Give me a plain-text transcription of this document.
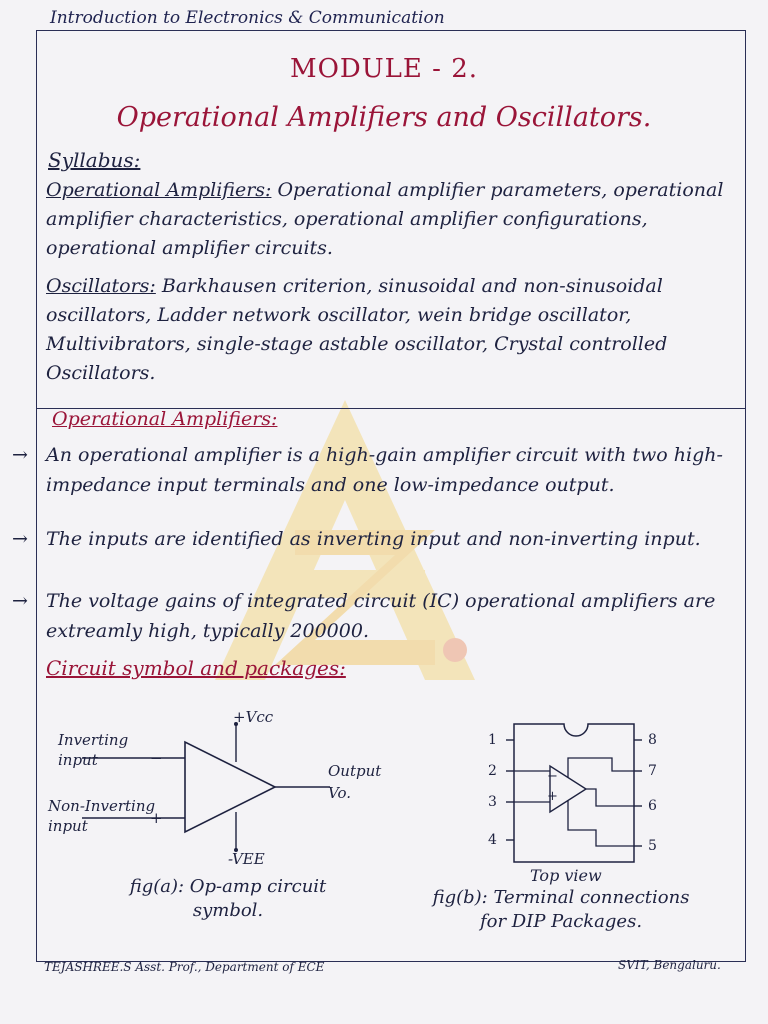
Introduction to Electronics & Communication
MODULE - 2.
Operational Amplifiers and Oscillators.
Syllabus:
Operational Amplifiers: Operational amplifier parameters, operational amplifier characteristics, operational amplifier configurations, operational amplifier circuits.
Oscillators: Barkhausen criterion, sinusoidal and non-sinusoidal oscillators, Ladder network oscillator, wein bridge oscillator, Multivibrators, single-stage astable oscillator, Crystal controlled Oscillators.
Operational Amplifiers:
→ An operational amplifier is a high-gain amplifier circuit with two high-impedance input terminals and one low-impedance output.
→ The inputs are identified as inverting input and non-inverting input.
→ The voltage gains of integrated circuit (IC) operational amplifiers are extreamly high, typically 200000.
Circuit symbol and packages:
−
+
Inverting
input
Non-Inverting
input
+Vcc
-VEE
Output
Vo.
fig(a): Op-amp circuit
symbol.
−
+
1
2
3
4
8
7
6
5
Top view
fig(b): Terminal connections
for DIP Packages.
TEJASHREE.S Asst. Prof., Department of ECE	SVIT, Bengaluru.
